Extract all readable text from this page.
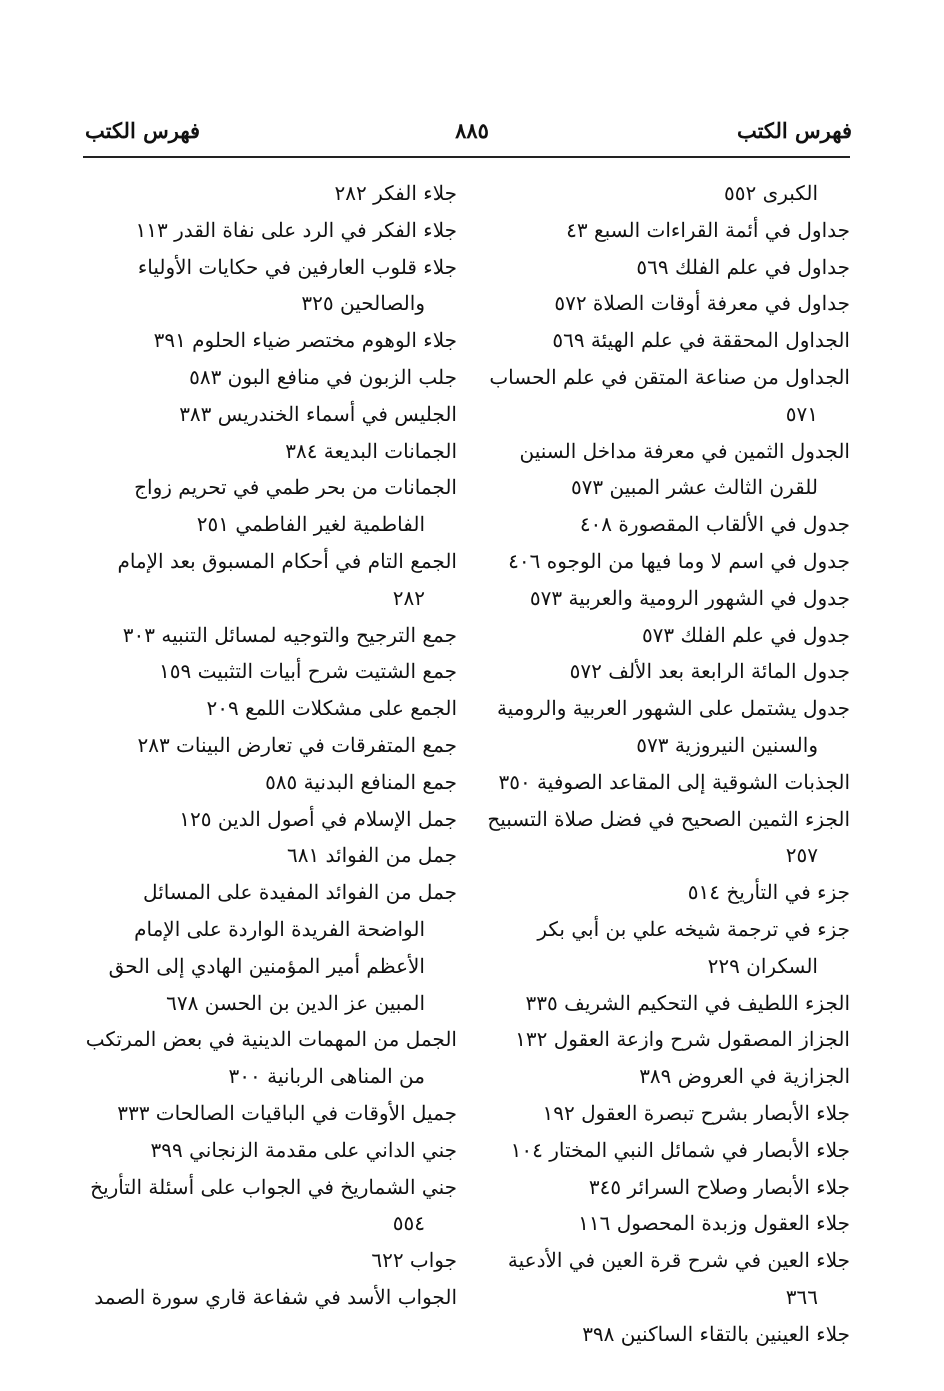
فهرس الكتب
٨٨٥
فهرس الكتب

الكبرى ٥٥٢

جداول في أئمة القراءات السبع ٤٣

جداول في علم الفلك ٥٦٩

جداول في معرفة أوقات الصلاة ٥٧٢

الجداول المحققة في علم الهيئة ٥٦٩

الجداول من صناعة المتقن في علم الحساب ٥٧١

الجدول الثمين في معرفة مداخل السنين للقرن الثالث عشر المبين ٥٧٣

جدول في الألقاب المقصورة ٤٠٨

جدول في اسم لا وما فيها من الوجوه ٤٠٦

جدول في الشهور الرومية والعربية ٥٧٣

جدول في علم الفلك ٥٧٣

جدول المائة الرابعة بعد الألف ٥٧٢

جدول يشتمل على الشهور العربية والرومية والسنين النيروزية ٥٧٣

الجذبات الشوقية إلى المقاعد الصوفية ٣٥٠

الجزء الثمين الصحيح في فضل صلاة التسبيح ٢٥٧

جزء في التأريخ ٥١٤

جزء في ترجمة شيخه علي بن أبي بكر السكران ٢٢٩

الجزء اللطيف في التحكيم الشريف ٣٣٥

الجزاز المصقول شرح وازعة العقول ١٣٢

الجزازية في العروض ٣٨٩

جلاء الأبصار بشرح تبصرة العقول ١٩٢

جلاء الأبصار في شمائل النبي المختار ١٠٤

جلاء الأبصار وصلاح السرائر ٣٤٥

جلاء العقول وزبدة المحصول ١١٦

جلاء العين في شرح قرة العين في الأدعية ٣٦٦

جلاء العينين بالتقاء الساكنين ٣٩٨

جلاء الفكر ٢٨٢

جلاء الفكر في الرد على نفاة القدر ١١٣

جلاء قلوب العارفين في حكايات الأولياء والصالحين ٣٢٥

جلاء الوهوم مختصر ضياء الحلوم ٣٩١

جلب الزبون في منافع البون ٥٨٣

الجليس في أسماء الخندريس ٣٨٣

الجمانات البديعة ٣٨٤

الجمانات من بحر طمي في تحريم زواج الفاطمية لغير الفاطمي ٢٥١

الجمع التام في أحكام المسبوق بعد الإمام ٢٨٢

جمع الترجيح والتوجيه لمسائل التنبيه ٣٠٣

جمع الشتيت شرح أبيات التثبيت ١٥٩

الجمع على مشكلات اللمع ٢٠٩

جمع المتفرقات في تعارض البينات ٢٨٣

جمع المنافع البدنية ٥٨٥

جمل الإسلام في أصول الدين ١٢٥

جمل من الفوائد ٦٨١

جمل من الفوائد المفيدة على المسائل الواضحة الفريدة الواردة على الإمام الأعظم أمير المؤمنين الهادي إلى الحق المبين عز الدين بن الحسن ٦٧٨

الجمل من المهمات الدينية في بعض المرتكب من المناهى الربانية ٣٠٠

جميل الأوقات في الباقيات الصالحات ٣٣٣

جني الداني على مقدمة الزنجاني ٣٩٩

جني الشماريخ في الجواب على أسئلة التأريخ ٥٥٤

جواب ٦٢٢

الجواب الأسد في شفاعة قاري سورة الصمد
